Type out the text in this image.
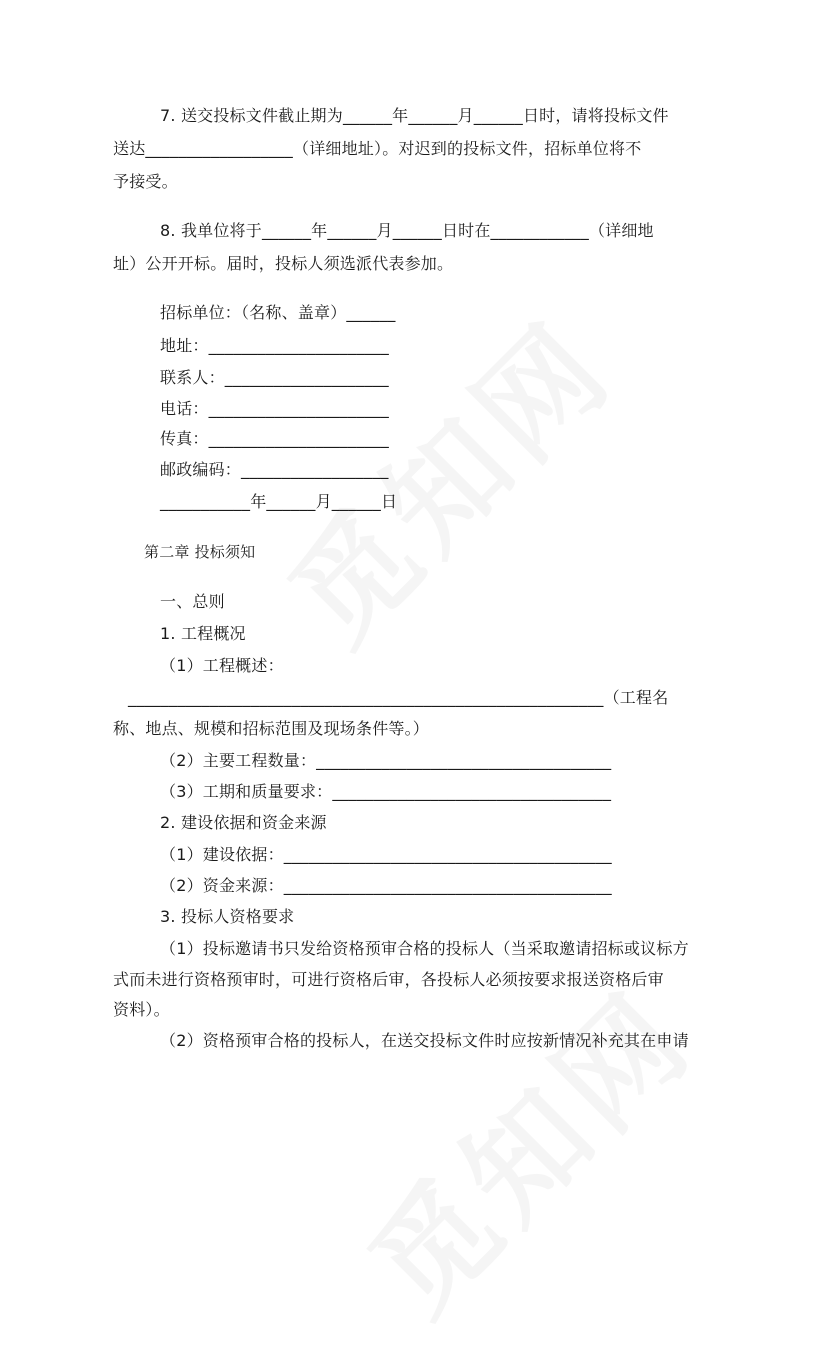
7. 送交投标文件截止期为______年______月______日时，请将投标文件
送达__________________（详细地址）。对迟到的投标文件，招标单位将不
予接受。
8. 我单位将于______年______月______日时在____________（详细地
址）公开开标。届时，投标人须选派代表参加。
招标单位：（名称、盖章）______
地址：______________________
联系人：____________________
电话：______________________
传真：______________________
邮政编码：__________________
___________年______月______日
第二章 投标须知
一、总则
1. 工程概况
（1）工程概述：
__________________________________________________________（工程名
称、地点、规模和招标范围及现场条件等。）
（2）主要工程数量：____________________________________
（3）工期和质量要求：__________________________________
2. 建设依据和资金来源
（1）建设依据：________________________________________
（2）资金来源：________________________________________
3. 投标人资格要求
（1）投标邀请书只发给资格预审合格的投标人（当采取邀请招标或议标方
式而未进行资格预审时，可进行资格后审，各投标人必须按要求报送资格后审
资料）。
（2）资格预审合格的投标人，在送交投标文件时应按新情况补充其在申请
